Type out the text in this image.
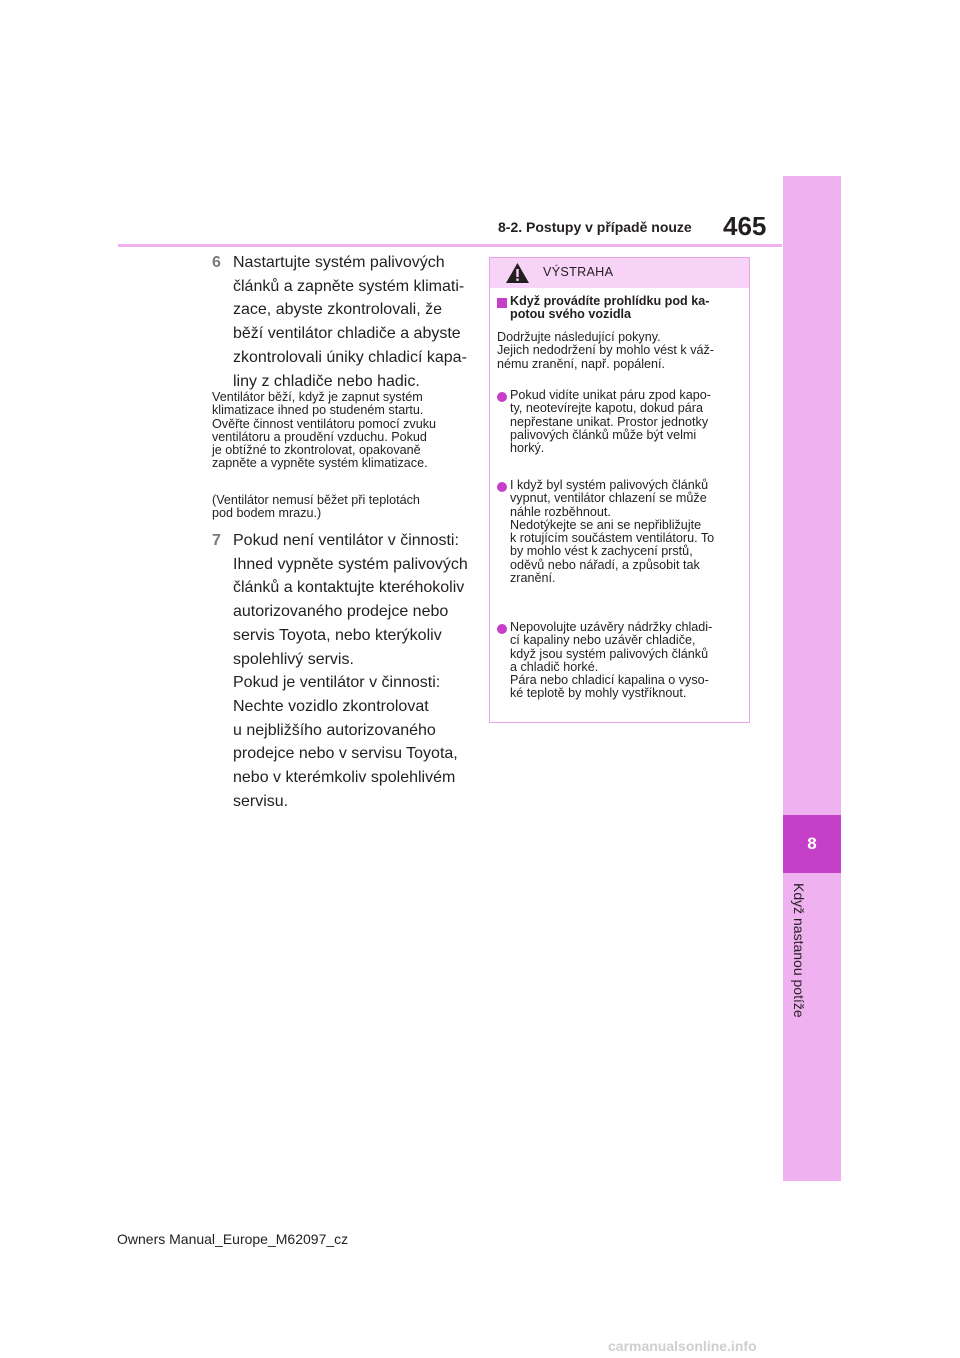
8
Když nastanou potíže
8-2. Postupy v případě nouze 465
6 Nastartujte systém palivových
článků a zapněte systém klimati-
zace, abyste zkontrolovali, že
běží ventilátor chladiče a abyste
zkontrolovali úniky chladicí kapa-
liny z chladiče nebo hadic.
Ventilátor běží, když je zapnut systém
klimatizace ihned po studeném startu.
Ověřte činnost ventilátoru pomocí zvuku
ventilátoru a proudění vzduchu. Pokud
je obtížné to zkontrolovat, opakovaně
zapněte a vypněte systém klimatizace.
(Ventilátor nemusí běžet při teplotách
pod bodem mrazu.)
7 Pokud není ventilátor v činnosti:
Ihned vypněte systém palivových
článků a kontaktujte kteréhokoliv
autorizovaného prodejce nebo
servis Toyota, nebo kterýkoliv
spolehlivý servis.
Pokud je ventilátor v činnosti:
Nechte vozidlo zkontrolovat
u nejbližšího autorizovaného
prodejce nebo v servisu Toyota,
nebo v kterémkoliv spolehlivém
servisu.
VÝSTRAHA
Když provádíte prohlídku pod ka-
potou svého vozidla
Dodržujte následující pokyny.
Jejich nedodržení by mohlo vést k váž-
nému zranění, např. popálení.
Pokud vidíte unikat páru zpod kapo-
ty, neotevírejte kapotu, dokud pára
nepřestane unikat. Prostor jednotky
palivových článků může být velmi
horký.
I když byl systém palivových článků
vypnut, ventilátor chlazení se může
náhle rozběhnout.
Nedotýkejte se ani se nepřibližujte
k rotujícím součástem ventilátoru. To
by mohlo vést k zachycení prstů,
oděvů nebo nářadí, a způsobit tak
zranění.
Nepovolujte uzávěry nádržky chladi-
cí kapaliny nebo uzávěr chladiče,
když jsou systém palivových článků
a chladič horké.
Pára nebo chladicí kapalina o vyso-
ké teplotě by mohly vystříknout.
Owners Manual_Europe_M62097_cz
carmanualsonline.info
